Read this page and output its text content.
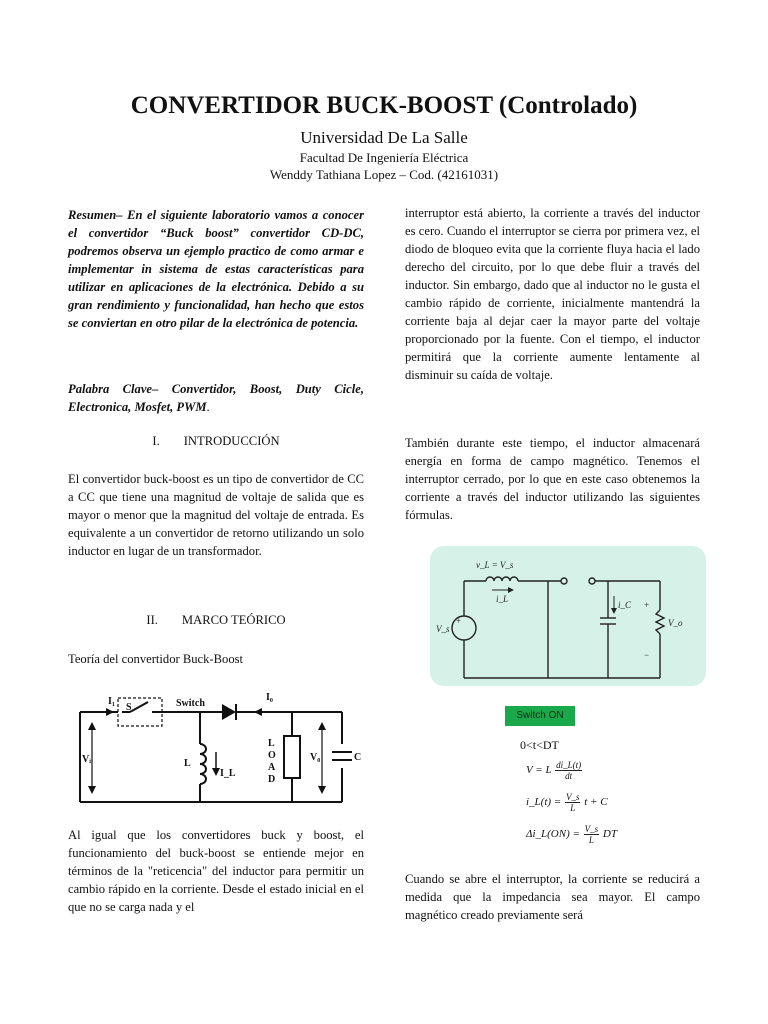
CONVERTIDOR BUCK-BOOST (Controlado)
Universidad De La Salle
Facultad De Ingeniería Eléctrica
Wenddy Tathiana Lopez – Cod. (42161031)

Resumen– En el siguiente laboratorio vamos a conocer el convertidor “Buck boost” convertidor CD-DC, podremos observa un ejemplo practico de como armar e implementar in sistema de estas características para utilizar en aplicaciones de la electrónica. Debido a su gran rendimiento y funcionalidad, han hecho que estos se conviertan en otro pilar de la electrónica de potencia.

Palabra Clave– Convertidor, Boost, Duty Cicle, Electronica, Mosfet, PWM.

I. INTRODUCCIÓN

El convertidor buck-boost es un tipo de convertidor de CC a CC que tiene una magnitud de voltaje de salida que es mayor o menor que la magnitud del voltaje de entrada. Es equivalente a un convertidor de retorno utilizando un solo inductor en lugar de un transformador.

II. MARCO TEÓRICO

Teoría del convertidor Buck-Boost

I₁
S	Switch
I₀
Vᵢ	L
I_L
L
O
A
D
V₀	C

Al igual que los convertidores buck y boost, el funcionamiento del buck-boost se entiende mejor en términos de la "reticencia" del inductor para permitir un cambio rápido en la corriente. Desde el estado inicial en el que no se carga nada y el

interruptor está abierto, la corriente a través del inductor es cero. Cuando el interruptor se cierra por primera vez, el diodo de bloqueo evita que la corriente fluya hacia el lado derecho del circuito, por lo que debe fluir a través del inductor. Sin embargo, dado que al inductor no le gusta el cambio rápido de corriente, inicialmente mantendrá la corriente baja al dejar caer la mayor parte del voltaje proporcionado por la fuente. Con el tiempo, el inductor permitirá que la corriente aumente lentamente al disminuir su caída de voltaje.

También durante este tiempo, el inductor almacenará energía en forma de campo magnético. Tenemos el interruptor cerrado, por lo que en este caso obtenemos la corriente a través del inductor utilizando las siguientes fórmulas.

v_L = V_s
i_L
V_s
V_o
i_C
+
+
−
Switch ON
0<t<DT
V = L $\frac{di\_L(t)}{dt}$
i_L(t) = $\frac{V\_s}{L}$ t + C
Δi_L(ON) = $\frac{V\_s}{L}$ DT

Cuando se abre el interruptor, la corriente se reducirá a medida que la impedancia sea mayor. El campo magnético creado previamente será
